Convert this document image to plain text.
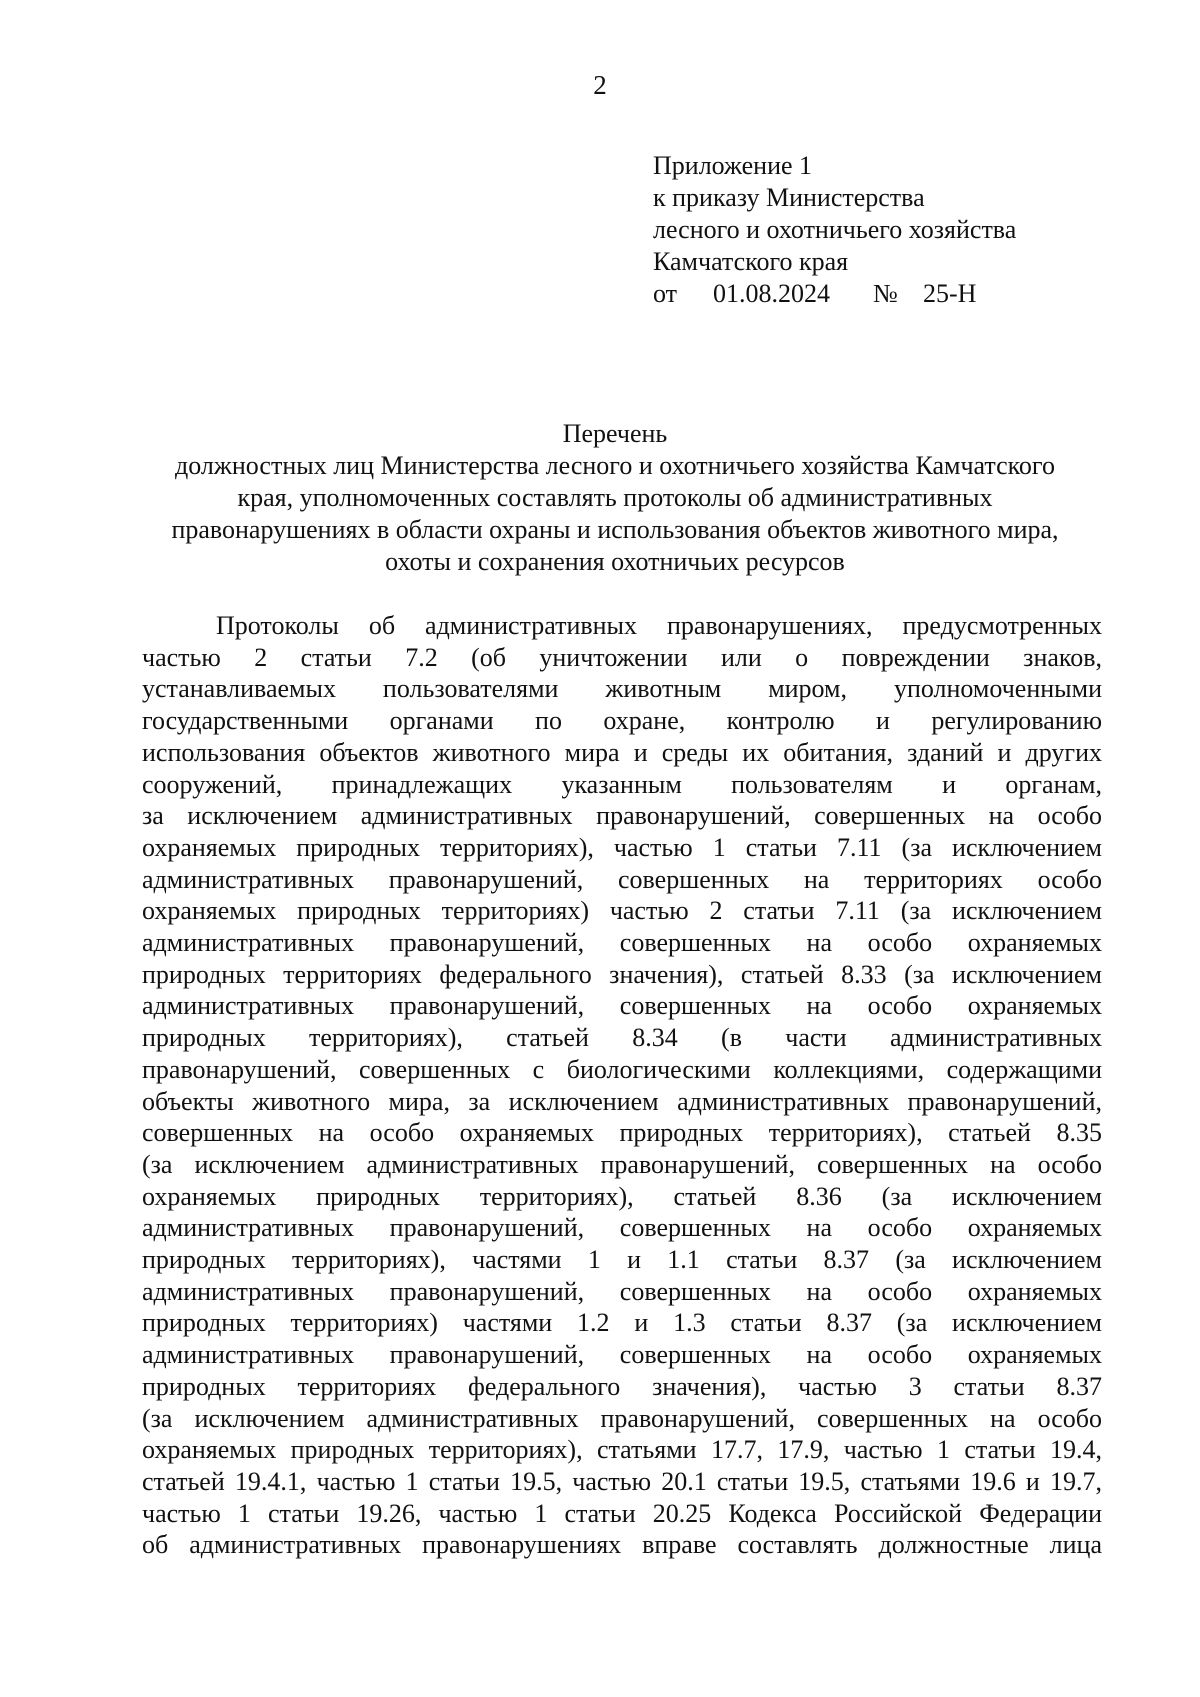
2
Приложение 1
к приказу Министерства
лесного и охотничьего хозяйства
Камчатского края
от 01.08.2024 № 25-Н
Перечень
должностных лиц Министерства лесного и охотничьего хозяйства Камчатского
края, уполномоченных составлять протоколы об административных
правонарушениях в области охраны и использования объектов животного мира,
охоты и сохранения охотничьих ресурсов
Протоколы об административных правонарушениях, предусмотренных
частью 2 статьи 7.2 (об уничтожении или о повреждении знаков,
устанавливаемых пользователями животным миром, уполномоченными
государственными органами по охране, контролю и регулированию
использования объектов животного мира и среды их обитания, зданий и других
сооружений, принадлежащих указанным пользователям и органам,
за исключением административных правонарушений, совершенных на особо
охраняемых природных территориях), частью 1 статьи 7.11 (за исключением
административных правонарушений, совершенных на территориях особо
охраняемых природных территориях) частью 2 статьи 7.11 (за исключением
административных правонарушений, совершенных на особо охраняемых
природных территориях федерального значения), статьей 8.33 (за исключением
административных правонарушений, совершенных на особо охраняемых
природных территориях), статьей 8.34 (в части административных
правонарушений, совершенных с биологическими коллекциями, содержащими
объекты животного мира, за исключением административных правонарушений,
совершенных на особо охраняемых природных территориях), статьей 8.35
(за исключением административных правонарушений, совершенных на особо
охраняемых природных территориях), статьей 8.36 (за исключением
административных правонарушений, совершенных на особо охраняемых
природных территориях), частями 1 и 1.1 статьи 8.37 (за исключением
административных правонарушений, совершенных на особо охраняемых
природных территориях) частями 1.2 и 1.3 статьи 8.37 (за исключением
административных правонарушений, совершенных на особо охраняемых
природных территориях федерального значения), частью 3 статьи 8.37
(за исключением административных правонарушений, совершенных на особо
охраняемых природных территориях), статьями 17.7, 17.9, частью 1 статьи 19.4,
статьей 19.4.1, частью 1 статьи 19.5, частью 20.1 статьи 19.5, статьями 19.6 и 19.7,
частью 1 статьи 19.26, частью 1 статьи 20.25 Кодекса Российской Федерации
об административных правонарушениях вправе составлять должностные лица
